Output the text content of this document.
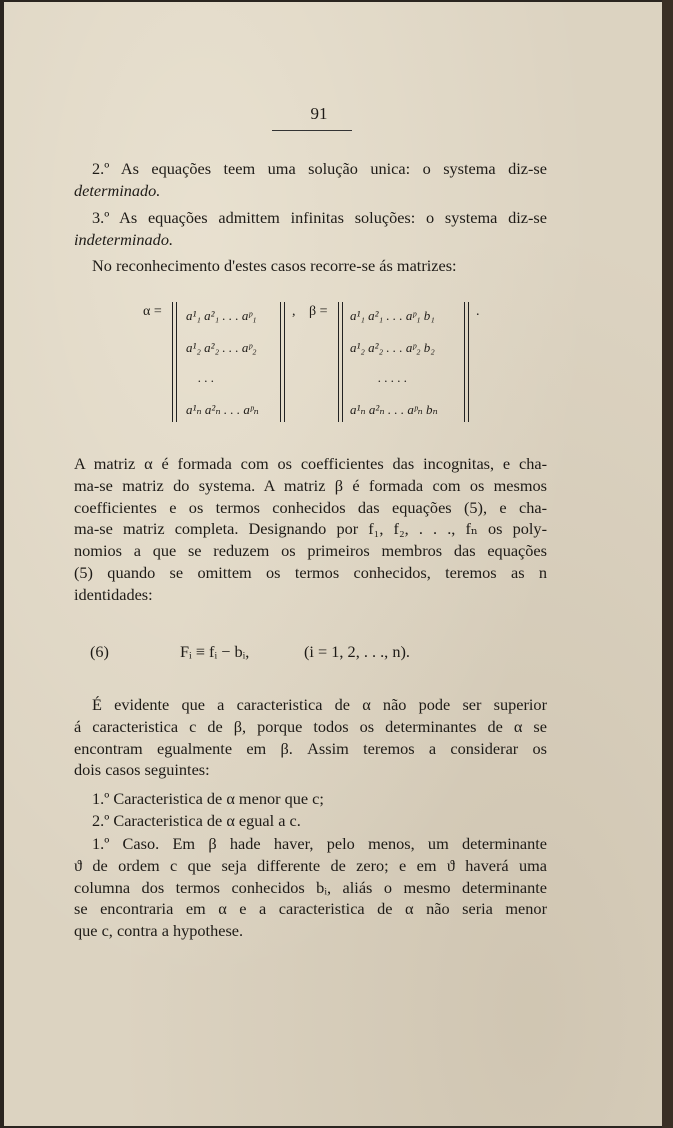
91
2.º As equações teem uma solução unica: o systema diz-se
determinado.
3.º As equações admittem infinitas soluções: o systema diz-se
indeterminado.
No reconhecimento d'estes casos recorre-se ás matrizes:
α = a¹₁ a²₁ . . . aᵖ₁
a¹₂ a²₂ . . . aᵖ₂
. . .
a¹ₙ a²ₙ . . . aᵖₙ
, β = a¹₁ a²₁ . . . aᵖ₁ b₁
a¹₂ a²₂ . . . aᵖ₂ b₂
. . . . .
a¹ₙ a²ₙ . . . aᵖₙ bₙ
.
A matriz α é formada com os coefficientes das incognitas, e cha-
ma-se matriz do systema. A matriz β é formada com os mesmos
coefficientes e os termos conhecidos das equações (5), e cha-
ma-se matriz completa. Designando por f₁, f₂, . . ., fₙ os poly-
nomios a que se reduzem os primeiros membros das equações
(5) quando se omittem os termos conhecidos, teremos as n
identidades:
(6)	Fᵢ ≡ fᵢ − bᵢ,	(i = 1, 2, . . ., n).
É evidente que a caracteristica de α não pode ser superior
á caracteristica c de β, porque todos os determinantes de α se
encontram egualmente em β. Assim teremos a considerar os
dois casos seguintes:
1.º Caracteristica de α menor que c;
2.º Caracteristica de α egual a c.
1.º Caso. Em β hade haver, pelo menos, um determinante
ϑ de ordem c que seja differente de zero; e em ϑ haverá uma
columna dos termos conhecidos bᵢ, aliás o mesmo determinante
se encontraria em α e a caracteristica de α não seria menor
que c, contra a hypothese.
